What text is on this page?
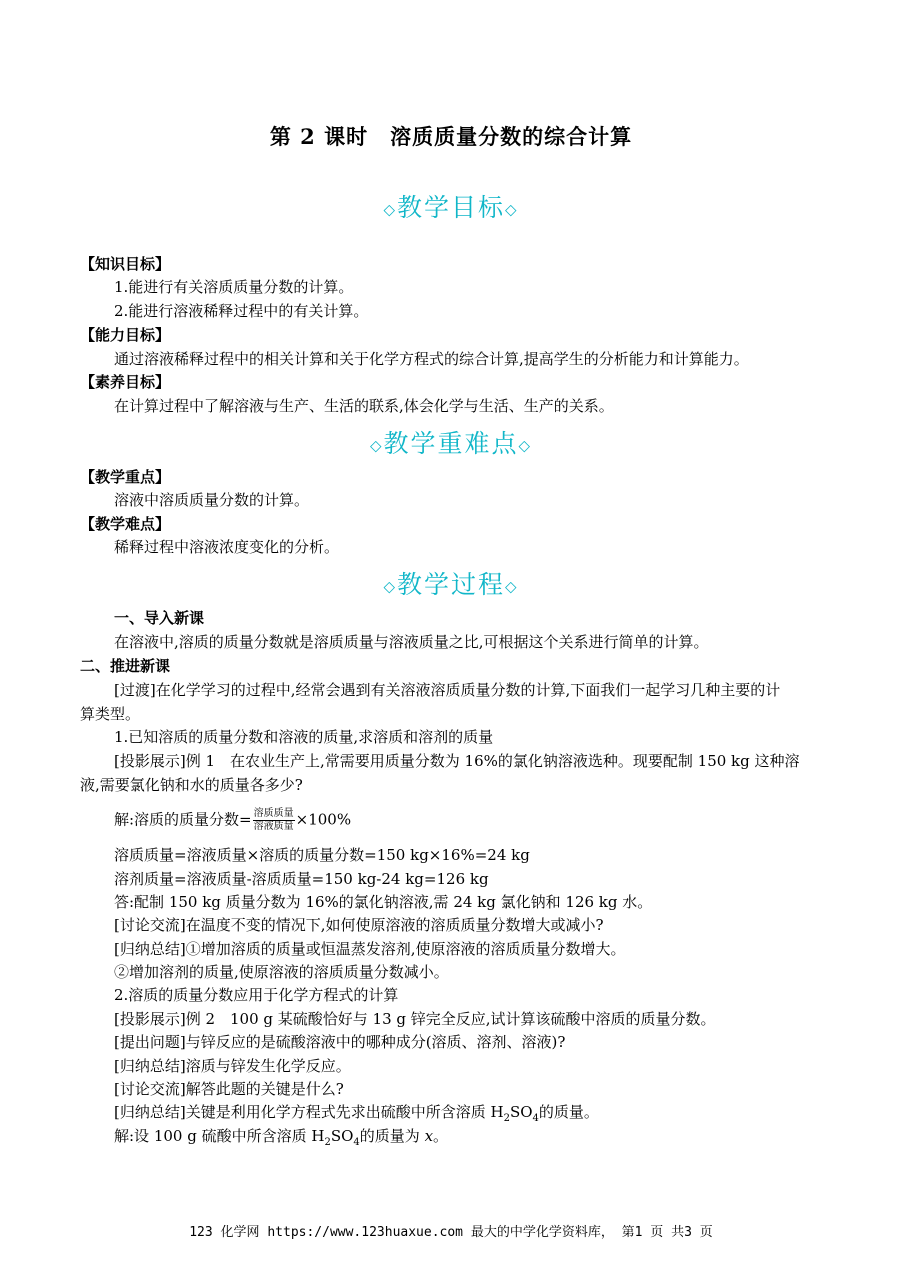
第 2 课时　溶质质量分数的综合计算
◇教学目标◇
【知识目标】
1.能进行有关溶质质量分数的计算。
2.能进行溶液稀释过程中的有关计算。
【能力目标】
通过溶液稀释过程中的相关计算和关于化学方程式的综合计算,提高学生的分析能力和计算能力。
【素养目标】
在计算过程中了解溶液与生产、生活的联系,体会化学与生活、生产的关系。
◇教学重难点◇
【教学重点】
溶液中溶质质量分数的计算。
【教学难点】
稀释过程中溶液浓度变化的分析。
◇教学过程◇
一、导入新课
在溶液中,溶质的质量分数就是溶质质量与溶液质量之比,可根据这个关系进行简单的计算。
二、推进新课
[过渡]在化学学习的过程中,经常会遇到有关溶液溶质质量分数的计算,下面我们一起学习几种主要的计
算类型。
1.已知溶质的质量分数和溶液的质量,求溶质和溶剂的质量
[投影展示]例 1　在农业生产上,常需要用质量分数为 16%的氯化钠溶液选种。现要配制 150 kg 这种溶
液,需要氯化钠和水的质量各多少?
解:溶质的质量分数= $\frac{\text{溶质质量}}{\text{溶液质量}} \times 100\%$
溶质质量=溶液质量×溶质的质量分数=150 kg×16%=24 kg
溶剂质量=溶液质量-溶质质量=150 kg-24 kg=126 kg
答:配制 150 kg 质量分数为 16%的氯化钠溶液,需 24 kg 氯化钠和 126 kg 水。
[讨论交流]在温度不变的情况下,如何使原溶液的溶质质量分数增大或减小?
[归纳总结]①增加溶质的质量或恒温蒸发溶剂,使原溶液的溶质质量分数增大。
②增加溶剂的质量,使原溶液的溶质质量分数减小。
2.溶质的质量分数应用于化学方程式的计算
[投影展示]例 2　100 g 某硫酸恰好与 13 g 锌完全反应,试计算该硫酸中溶质的质量分数。
[提出问题]与锌反应的是硫酸溶液中的哪种成分(溶质、溶剂、溶液)?
[归纳总结]溶质与锌发生化学反应。
[讨论交流]解答此题的关键是什么?
[归纳总结]关键是利用化学方程式先求出硫酸中所含溶质 $H_2SO_4$的质量。
解:设 100 g 硫酸中所含溶质 $H_2SO_4$的质量为 x。
123 化学网 https://www.123huaxue.com 最大的中学化学资料库， 第1 页 共3 页
